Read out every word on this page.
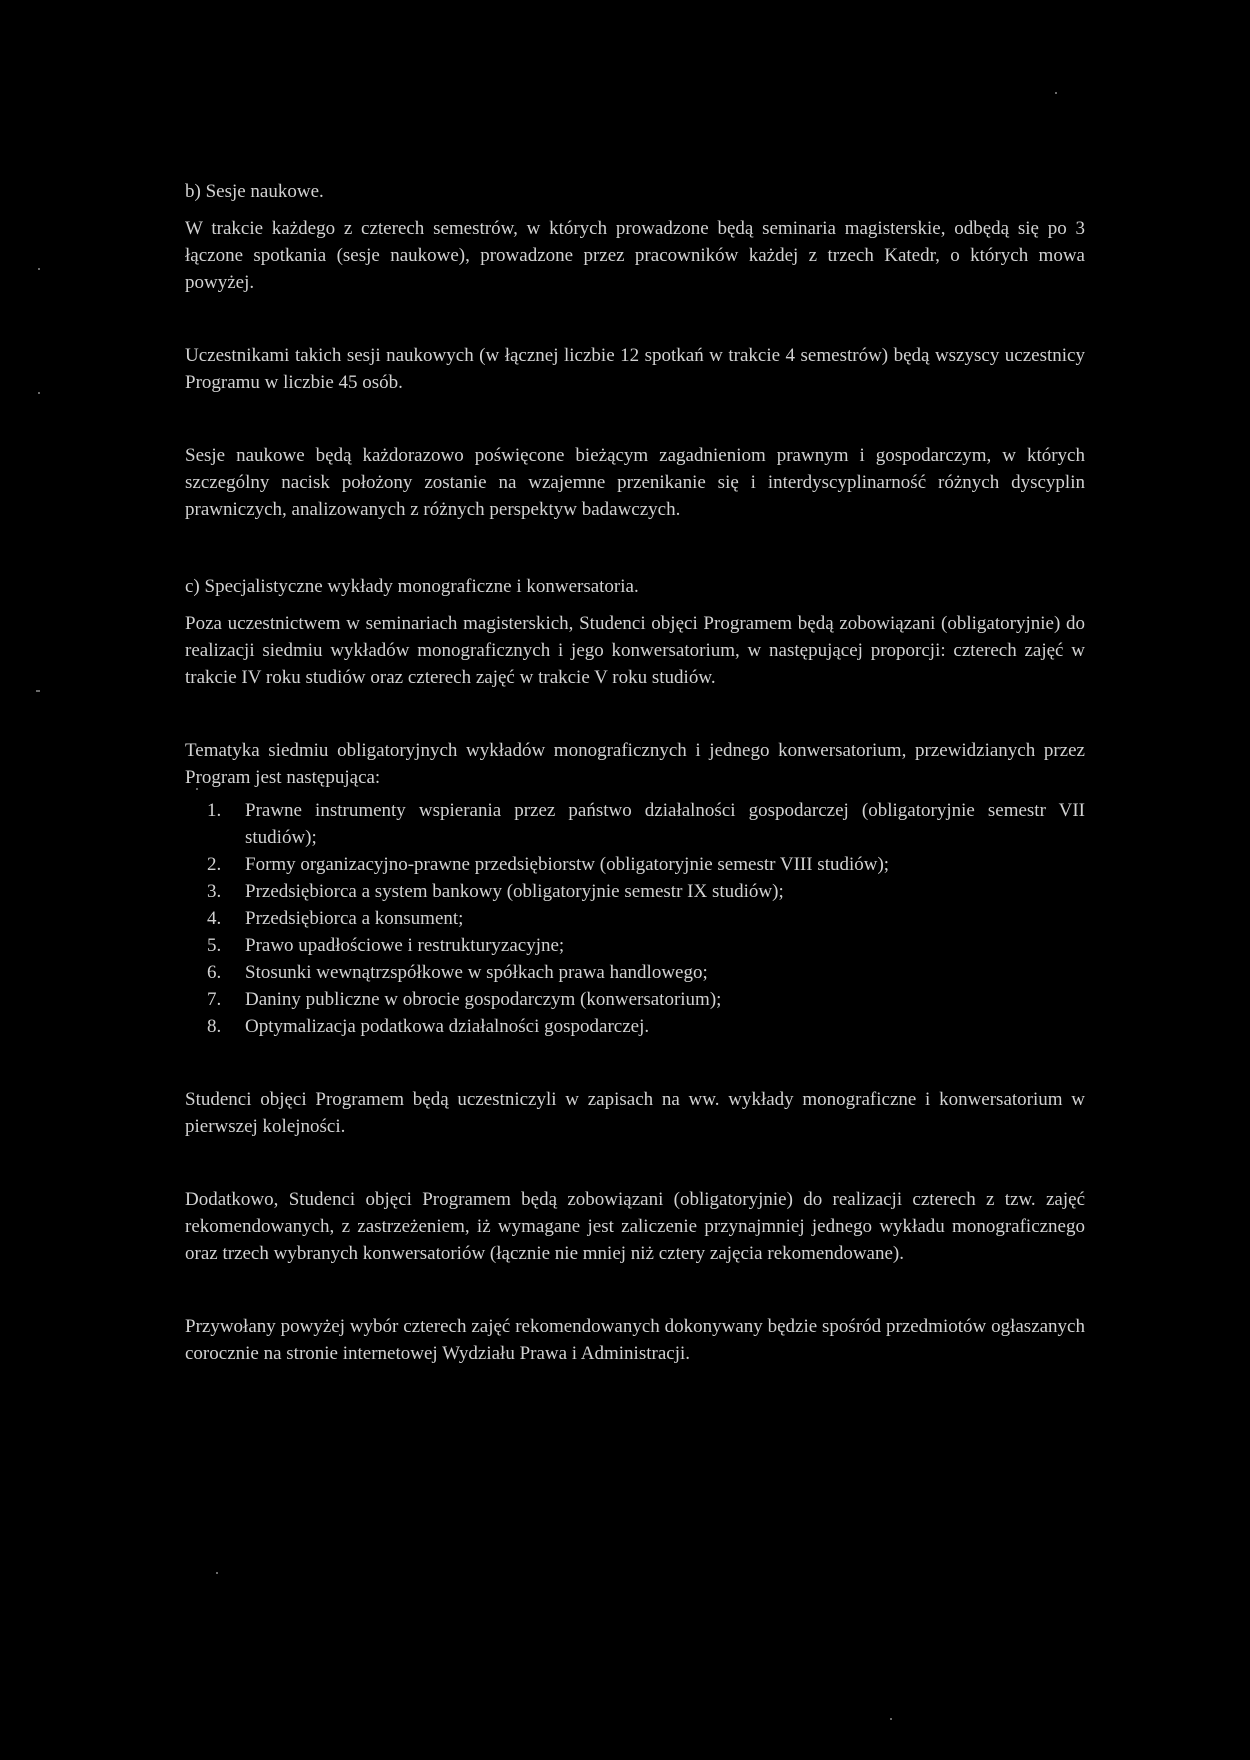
b) Sesje naukowe.

W trakcie każdego z czterech semestrów, w których prowadzone będą seminaria magisterskie, odbędą się po 3 łączone spotkania (sesje naukowe), prowadzone przez pracowników każdej z trzech Katedr, o których mowa powyżej.

Uczestnikami takich sesji naukowych (w łącznej liczbie 12 spotkań w trakcie 4 semestrów) będą wszyscy uczestnicy Programu w liczbie 45 osób.

Sesje naukowe będą każdorazowo poświęcone bieżącym zagadnieniom prawnym i gospodarczym, w których szczególny nacisk położony zostanie na wzajemne przenikanie się i interdyscyplinarność różnych dyscyplin prawniczych, analizowanych z różnych perspektyw badawczych.

c) Specjalistyczne wykłady monograficzne i konwersatoria.

Poza uczestnictwem w seminariach magisterskich, Studenci objęci Programem będą zobowiązani (obligatoryjnie) do realizacji siedmiu wykładów monograficznych i jego konwersatorium, w następującej proporcji: czterech zajęć w trakcie IV roku studiów oraz czterech zajęć w trakcie V roku studiów.

Tematyka siedmiu obligatoryjnych wykładów monograficznych i jednego konwersatorium, przewidzianych przez Program jest następująca:

1.	Prawne instrumenty wspierania przez państwo działalności gospodarczej (obligatoryjnie semestr VII studiów);
2.	Formy organizacyjno-prawne przedsiębiorstw (obligatoryjnie semestr VIII studiów);
3.	Przedsiębiorca a system bankowy (obligatoryjnie semestr IX studiów);
4.	Przedsiębiorca a konsument;
5.	Prawo upadłościowe i restrukturyzacyjne;
6.	Stosunki wewnątrzspółkowe w spółkach prawa handlowego;
7.	Daniny publiczne w obrocie gospodarczym (konwersatorium);
8.	Optymalizacja podatkowa działalności gospodarczej.

Studenci objęci Programem będą uczestniczyli w zapisach na ww. wykłady monograficzne i konwersatorium w pierwszej kolejności.

Dodatkowo, Studenci objęci Programem będą zobowiązani (obligatoryjnie) do realizacji czterech z tzw. zajęć rekomendowanych, z zastrzeżeniem, iż wymagane jest zaliczenie przynajmniej jednego wykładu monograficznego oraz trzech wybranych konwersatoriów (łącznie nie mniej niż cztery zajęcia rekomendowane).

Przywołany powyżej wybór czterech zajęć rekomendowanych dokonywany będzie spośród przedmiotów ogłaszanych corocznie na stronie internetowej Wydziału Prawa i Administracji.
